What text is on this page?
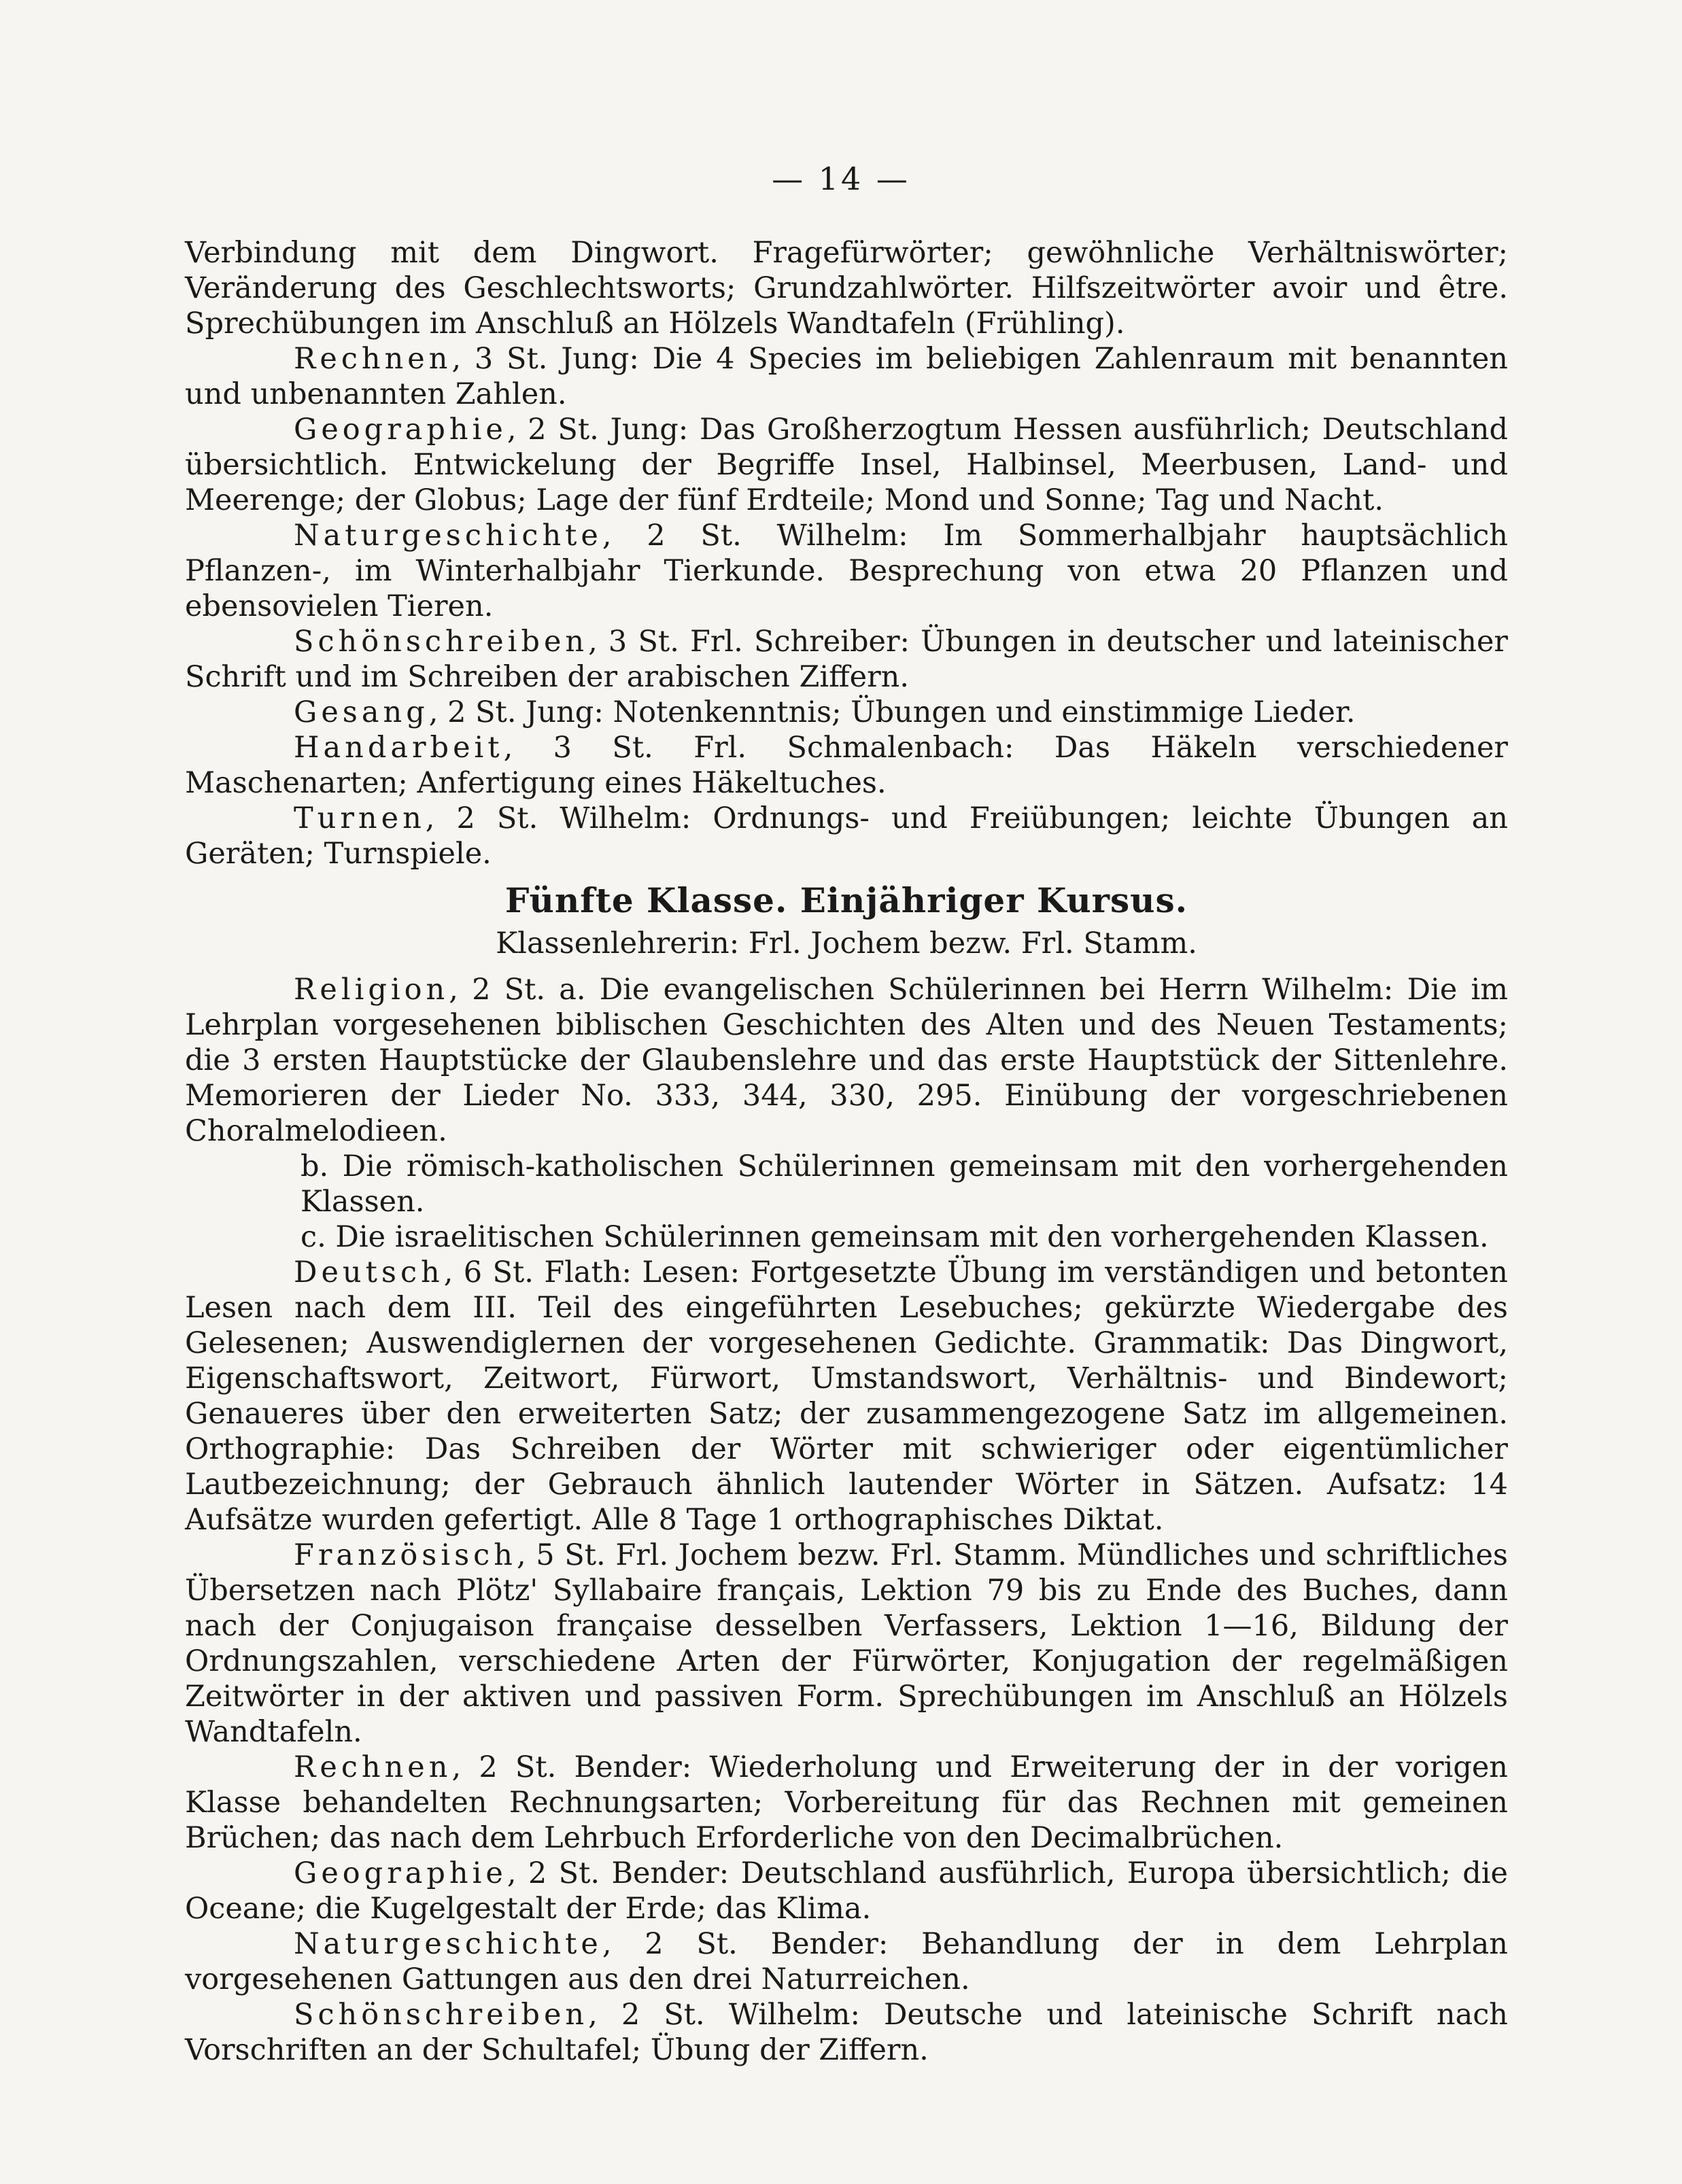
— 14 —

Verbindung mit dem Dingwort. Fragefürwörter; gewöhnliche Verhältniswörter; Veränderung des Geschlechtsworts; Grundzahlwörter. Hilfszeitwörter avoir und être. Sprechübungen im Anschluß an Hölzels Wandtafeln (Frühling).

Rechnen, 3 St. Jung: Die 4 Species im beliebigen Zahlenraum mit benannten und unbenannten Zahlen.

Geographie, 2 St. Jung: Das Großherzogtum Hessen ausführlich; Deutschland übersichtlich. Entwickelung der Begriffe Insel, Halbinsel, Meerbusen, Land- und Meerenge; der Globus; Lage der fünf Erdteile; Mond und Sonne; Tag und Nacht.

Naturgeschichte, 2 St. Wilhelm: Im Sommerhalbjahr hauptsächlich Pflanzen-, im Winterhalbjahr Tierkunde. Besprechung von etwa 20 Pflanzen und ebensovielen Tieren.

Schönschreiben, 3 St. Frl. Schreiber: Übungen in deutscher und lateinischer Schrift und im Schreiben der arabischen Ziffern.

Gesang, 2 St. Jung: Notenkenntnis; Übungen und einstimmige Lieder.

Handarbeit, 3 St. Frl. Schmalenbach: Das Häkeln verschiedener Maschenarten; Anfertigung eines Häkeltuches.

Turnen, 2 St. Wilhelm: Ordnungs- und Freiübungen; leichte Übungen an Geräten; Turnspiele.

Fünfte Klasse. Einjähriger Kursus.
Klassenlehrerin: Frl. Jochem bezw. Frl. Stamm.

Religion, 2 St. a. Die evangelischen Schülerinnen bei Herrn Wilhelm: Die im Lehrplan vorgesehenen biblischen Geschichten des Alten und des Neuen Testaments; die 3 ersten Hauptstücke der Glaubenslehre und das erste Hauptstück der Sittenlehre. Memorieren der Lieder No. 333, 344, 330, 295. Einübung der vorgeschriebenen Choralmelodieen.

b. Die römisch-katholischen Schülerinnen gemeinsam mit den vorhergehenden Klassen.

c. Die israelitischen Schülerinnen gemeinsam mit den vorhergehenden Klassen.

Deutsch, 6 St. Flath: Lesen: Fortgesetzte Übung im verständigen und betonten Lesen nach dem III. Teil des eingeführten Lesebuches; gekürzte Wiedergabe des Gelesenen; Auswendiglernen der vorgesehenen Gedichte. Grammatik: Das Dingwort, Eigenschaftswort, Zeitwort, Fürwort, Umstandswort, Verhältnis- und Bindewort; Genaueres über den erweiterten Satz; der zusammengezogene Satz im allgemeinen. Orthographie: Das Schreiben der Wörter mit schwieriger oder eigentümlicher Lautbezeichnung; der Gebrauch ähnlich lautender Wörter in Sätzen. Aufsatz: 14 Aufsätze wurden gefertigt. Alle 8 Tage 1 orthographisches Diktat.

Französisch, 5 St. Frl. Jochem bezw. Frl. Stamm. Mündliches und schriftliches Übersetzen nach Plötz' Syllabaire français, Lektion 79 bis zu Ende des Buches, dann nach der Conjugaison française desselben Verfassers, Lektion 1—16, Bildung der Ordnungszahlen, verschiedene Arten der Fürwörter, Konjugation der regelmäßigen Zeitwörter in der aktiven und passiven Form. Sprechübungen im Anschluß an Hölzels Wandtafeln.

Rechnen, 2 St. Bender: Wiederholung und Erweiterung der in der vorigen Klasse behandelten Rechnungsarten; Vorbereitung für das Rechnen mit gemeinen Brüchen; das nach dem Lehrbuch Erforderliche von den Decimalbrüchen.

Geographie, 2 St. Bender: Deutschland ausführlich, Europa übersichtlich; die Oceane; die Kugelgestalt der Erde; das Klima.

Naturgeschichte, 2 St. Bender: Behandlung der in dem Lehrplan vorgesehenen Gattungen aus den drei Naturreichen.

Schönschreiben, 2 St. Wilhelm: Deutsche und lateinische Schrift nach Vorschriften an der Schultafel; Übung der Ziffern.
